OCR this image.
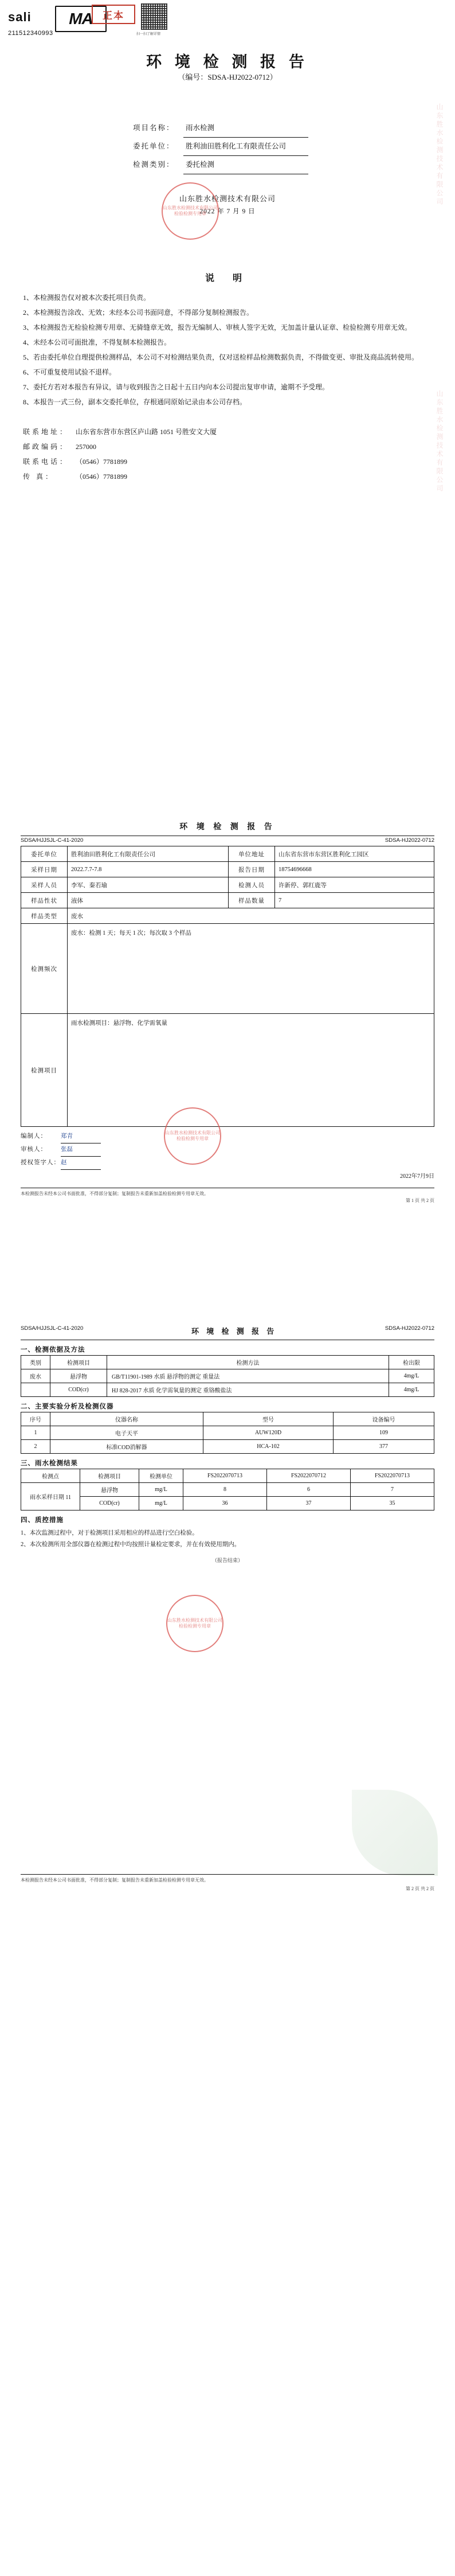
sali MA
211512340993
正本
扫一扫了解详情
环 境 检 测 报 告
（编号：SDSA-HJ2022-0712）
项目名称： 雨水检测
委托单位： 胜利油田胜利化工有限责任公司
检测类别： 委托检测
山东胜水检测技术有限公司
2022 年 7 月 9 日
山东胜水检测技术有限公司 检验检测专用章
说 明

1、本检测报告仅对被本次委托项目负责。

2、本检测报告涂改、无效；未经本公司书面同意，不得部分复制检测报告。

3、本检测报告无检验检测专用章、无骑缝章无效，报告无编制人、审核人签字无效，无加盖计量认证章、检验检测专用章无效。

4、未经本公司可面批准，不得复制本检测报告。

5、若由委托单位自理提供检测样品，本公司不对检测结果负责，仅对送检样品检测数据负责，不得做变更、审批及商品流转使用。

6、不可重复使用试验不退样。

7、委托方若对本报告有异议，请与收到报告之日起十五日内向本公司提出复审申请，逾期不予受理。

8、本报告一式三份，副本交委托单位，存根通同原始记录由本公司存档。

联系地址： 山东省东营市东营区庐山路 1051 号胜安文大厦
邮政编码： 257000
联系电话： （0546）7781899
传 真：	（0546）7781899
山东胜水检测技术有限公司
山东胜水检测技术有限公司
环 境 检 测 报 告
SDSA/HJJSJL-C-41-2020	SDSA-HJ2022-0712
委托单位	胜利油田胜利化工有限责任公司	单位地址	山东省东营市东营区胜利化工园区
采样日期	2022.7.7-7.8	报告日期	18754696668
采样人员	李军、秦若瑜	检测人员	许新停、郭红鹿等
样品性状	液体	样品数量	7
样品类型	废水		
检测频次	废水：检测 1 天；每天 1 次；每次取 3 个样品		
检测项目	雨水检测项目：悬浮物、化学需氧量		
编制人： 郑青
审核人： 张磊
授权签字人：赵
2022年7月9日
山东胜水检测技术有限公司 检验检测专用章
本检测报告未经本公司书面批准，不得部分复制；复制报告未重新加盖检验检测专用章无效。
第 1 页 共 2 页
SDSA/HJJSJL-C-41-2020	环 境 检 测 报 告	SDSA-HJ2022-0712
一、检测依据及方法
类别	检测项目	检测方法	检出限
废水	悬浮物	GB/T11901-1989 水质 悬浮物的测定 重量法	4mg/L
	COD(cr)	HJ 828-2017 水质 化学需氧量的测定 重铬酸盐法	4mg/L
二、主要实验分析及检测仪器
序号	仪器名称	型号	设备编号
1	电子天平	AUW120D	109
2	标准COD消解器	HCA-102	377
三、雨水检测结果
检测点	检测项目	检测单位	FS2022070713	FS2022070712	FS2022070713
雨水采样日期 11	悬浮物	mg/L	8	6	7
	COD(cr)	mg/L	36	37	35
四、质控措施
1、本次监测过程中，对于检测项目采用相应的样品进行空白检验。
2、本次检测所用全部仪器在检测过程中均按照计量检定要求，并在有效使用期内。
（报告结束）
山东胜水检测技术有限公司 检验检测专用章
本检测报告未经本公司书面批准，不得部分复制；复制报告未重新加盖检验检测专用章无效。
第 2 页 共 2 页
